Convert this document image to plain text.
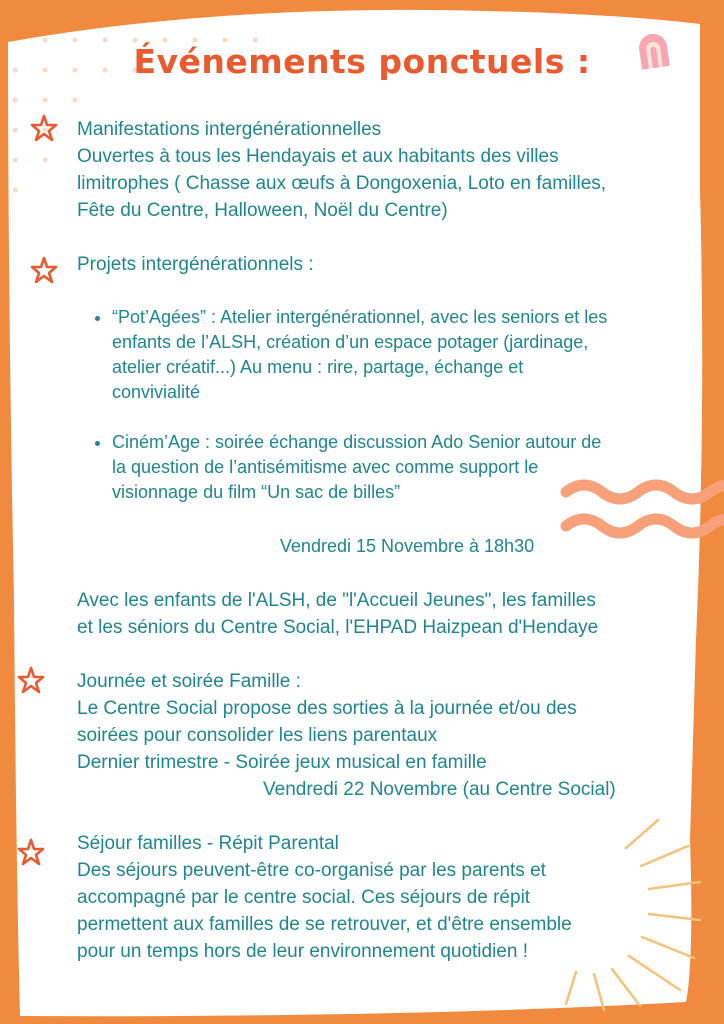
Événements ponctuels :

Manifestations intergénérationnelles

Ouvertes à tous les Hendayais et aux habitants des villes

limitrophes ( Chasse aux œufs à Dongoxenia, Loto en familles,

Fête du Centre, Halloween, Noël du Centre)

Projets intergénérationnels :

• “Pot’Agées” : Atelier intergénérationnel, avec les seniors et les
enfants de l’ALSH, création d’un espace potager (jardinage,
atelier créatif...) Au menu : rire, partage, échange et
convivialité
• Ciném’Age : soirée échange discussion Ado Senior autour de
la question de l’antisémitisme avec comme support le
visionnage du film “Un sac de billes”

Vendredi 15 Novembre à 18h30

Avec les enfants de l'ALSH, de "l'Accueil Jeunes", les familles

et les séniors du Centre Social, l'EHPAD Haizpean d'Hendaye

Journée et soirée Famille :

Le Centre Social propose des sorties à la journée et/ou des

soirées pour consolider les liens parentaux

Dernier trimestre - Soirée jeux musical en famille

Vendredi 22 Novembre (au Centre Social)

Séjour familles - Répit Parental

Des séjours peuvent-être co-organisé par les parents et

accompagné par le centre social. Ces séjours de répit

permettent aux familles de se retrouver, et d'être ensemble

pour un temps hors de leur environnement quotidien !
